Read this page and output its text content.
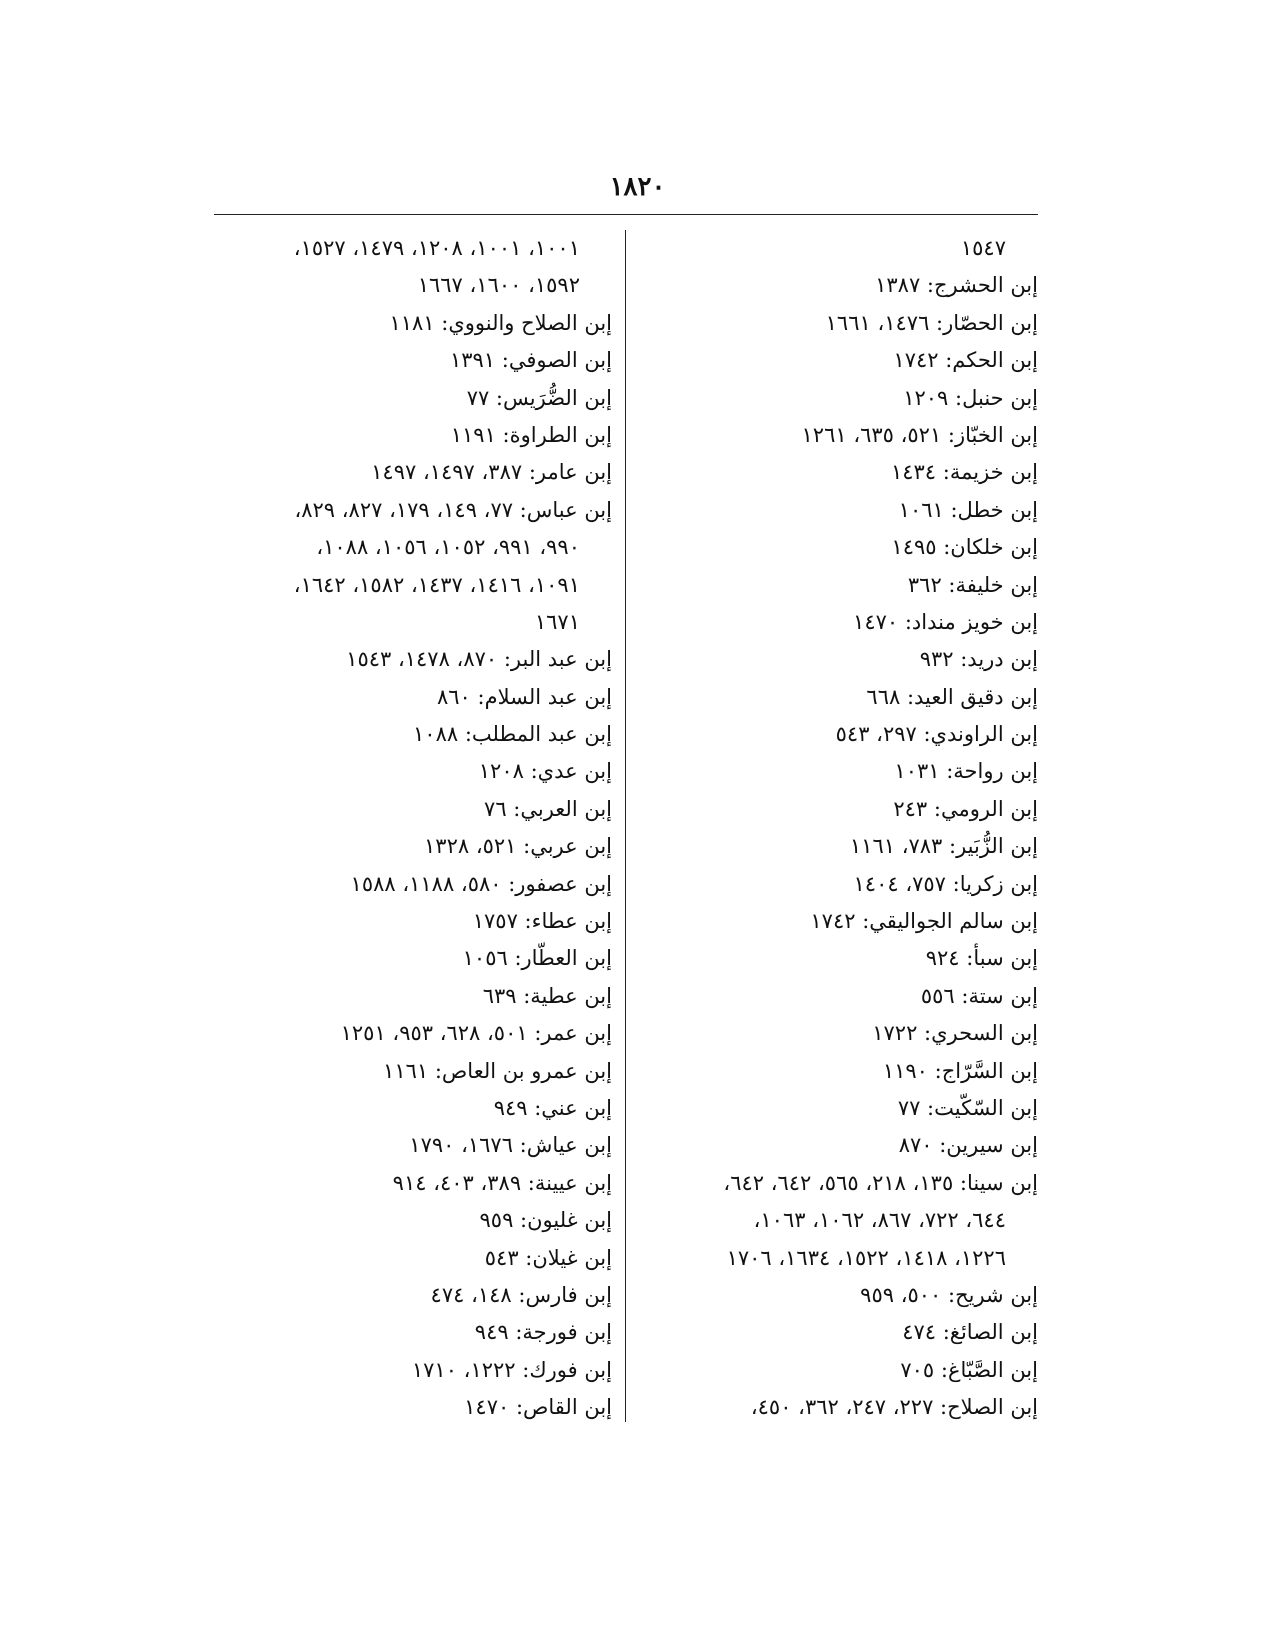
١٨٢٠
١٥٤٧
إبن الحشرج: ١٣٨٧
إبن الحصّار: ١٤٧٦، ١٦٦١
إبن الحكم: ١٧٤٢
إبن حنبل: ١٢٠٩
إبن الخبّاز: ٥٢١، ٦٣٥، ١٢٦١
إبن خزيمة: ١٤٣٤
إبن خطل: ١٠٦١
إبن خلكان: ١٤٩٥
إبن خليفة: ٣٦٢
إبن خويز منداد: ١٤٧٠
إبن دريد: ٩٣٢
إبن دقيق العيد: ٦٦٨
إبن الراوندي: ٢٩٧، ٥٤٣
إبن رواحة: ١٠٣١
إبن الرومي: ٢٤٣
إبن الزُّبَير: ٧٨٣، ١١٦١
إبن زكريا: ٧٥٧، ١٤٠٤
إبن سالم الجواليقي: ١٧٤٢
إبن سبأ: ٩٢٤
إبن ستة: ٥٥٦
إبن السحري: ١٧٢٢
إبن السَّرّاج: ١١٩٠
إبن السّكّيت: ٧٧
إبن سيرين: ٨٧٠
إبن سينا: ١٣٥، ٢١٨، ٥٦٥، ٦٤٢، ٦٤٢،
٦٤٤، ٧٢٢، ٨٦٧، ١٠٦٢، ١٠٦٣،
١٢٢٦، ١٤١٨، ١٥٢٢، ١٦٣٤، ١٧٠٦
إبن شريح: ٥٠٠، ٩٥٩
إبن الصائغ: ٤٧٤
إبن الصَّبّاغ: ٧٠٥
إبن الصلاح: ٢٢٧، ٢٤٧، ٣٦٢، ٤٥٠،
١٠٠١، ١٠٠١، ١٢٠٨، ١٤٧٩، ١٥٢٧،
١٥٩٢، ١٦٠٠، ١٦٦٧
إبن الصلاح والنووي: ١١٨١
إبن الصوفي: ١٣٩١
إبن الضُّرَيس: ٧٧
إبن الطراوة: ١١٩١
إبن عامر: ٣٨٧، ١٤٩٧، ١٤٩٧
إبن عباس: ٧٧، ١٤٩، ١٧٩، ٨٢٧، ٨٢٩،
٩٩٠، ٩٩١، ١٠٥٢، ١٠٥٦، ١٠٨٨،
١٠٩١، ١٤١٦، ١٤٣٧، ١٥٨٢، ١٦٤٢،
١٦٧١
إبن عبد البر: ٨٧٠، ١٤٧٨، ١٥٤٣
إبن عبد السلام: ٨٦٠
إبن عبد المطلب: ١٠٨٨
إبن عدي: ١٢٠٨
إبن العربي: ٧٦
إبن عربي: ٥٢١، ١٣٢٨
إبن عصفور: ٥٨٠، ١١٨٨، ١٥٨٨
إبن عطاء: ١٧٥٧
إبن العطّار: ١٠٥٦
إبن عطية: ٦٣٩
إبن عمر: ٥٠١، ٦٢٨، ٩٥٣، ١٢٥١
إبن عمرو بن العاص: ١١٦١
إبن عني: ٩٤٩
إبن عياش: ١٦٧٦، ١٧٩٠
إبن عيينة: ٣٨٩، ٤٠٣، ٩١٤
إبن غليون: ٩٥٩
إبن غيلان: ٥٤٣
إبن فارس: ١٤٨، ٤٧٤
إبن فورجة: ٩٤٩
إبن فورك: ١٢٢٢، ١٧١٠
إبن القاص: ١٤٧٠
